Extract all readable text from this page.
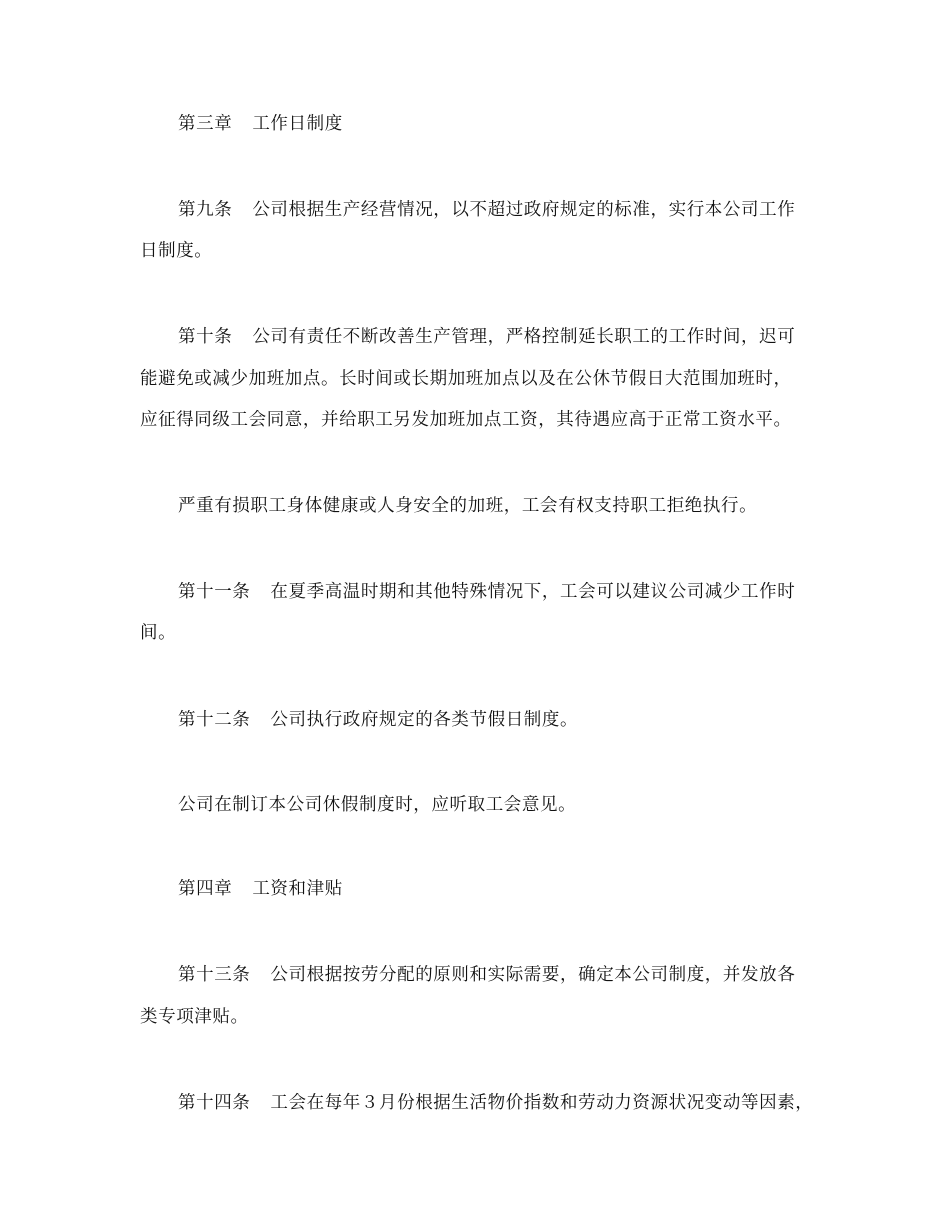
第三章 工作日制度
第九条 公司根据生产经营情况，以不超过政府规定的标准，实行本公司工作
日制度。
第十条 公司有责任不断改善生产管理，严格控制延长职工的工作时间，迟可
能避免或减少加班加点。长时间或长期加班加点以及在公休节假日大范围加班时，
应征得同级工会同意，并给职工另发加班加点工资，其待遇应高于正常工资水平。
严重有损职工身体健康或人身安全的加班，工会有权支持职工拒绝执行。
第十一条 在夏季高温时期和其他特殊情况下，工会可以建议公司减少工作时
间。
第十二条 公司执行政府规定的各类节假日制度。
公司在制订本公司休假制度时，应听取工会意见。
第四章 工资和津贴
第十三条 公司根据按劳分配的原则和实际需要，确定本公司制度，并发放各
类专项津贴。
第十四条 工会在每年３月份根据生活物价指数和劳动力资源状况变动等因素，
